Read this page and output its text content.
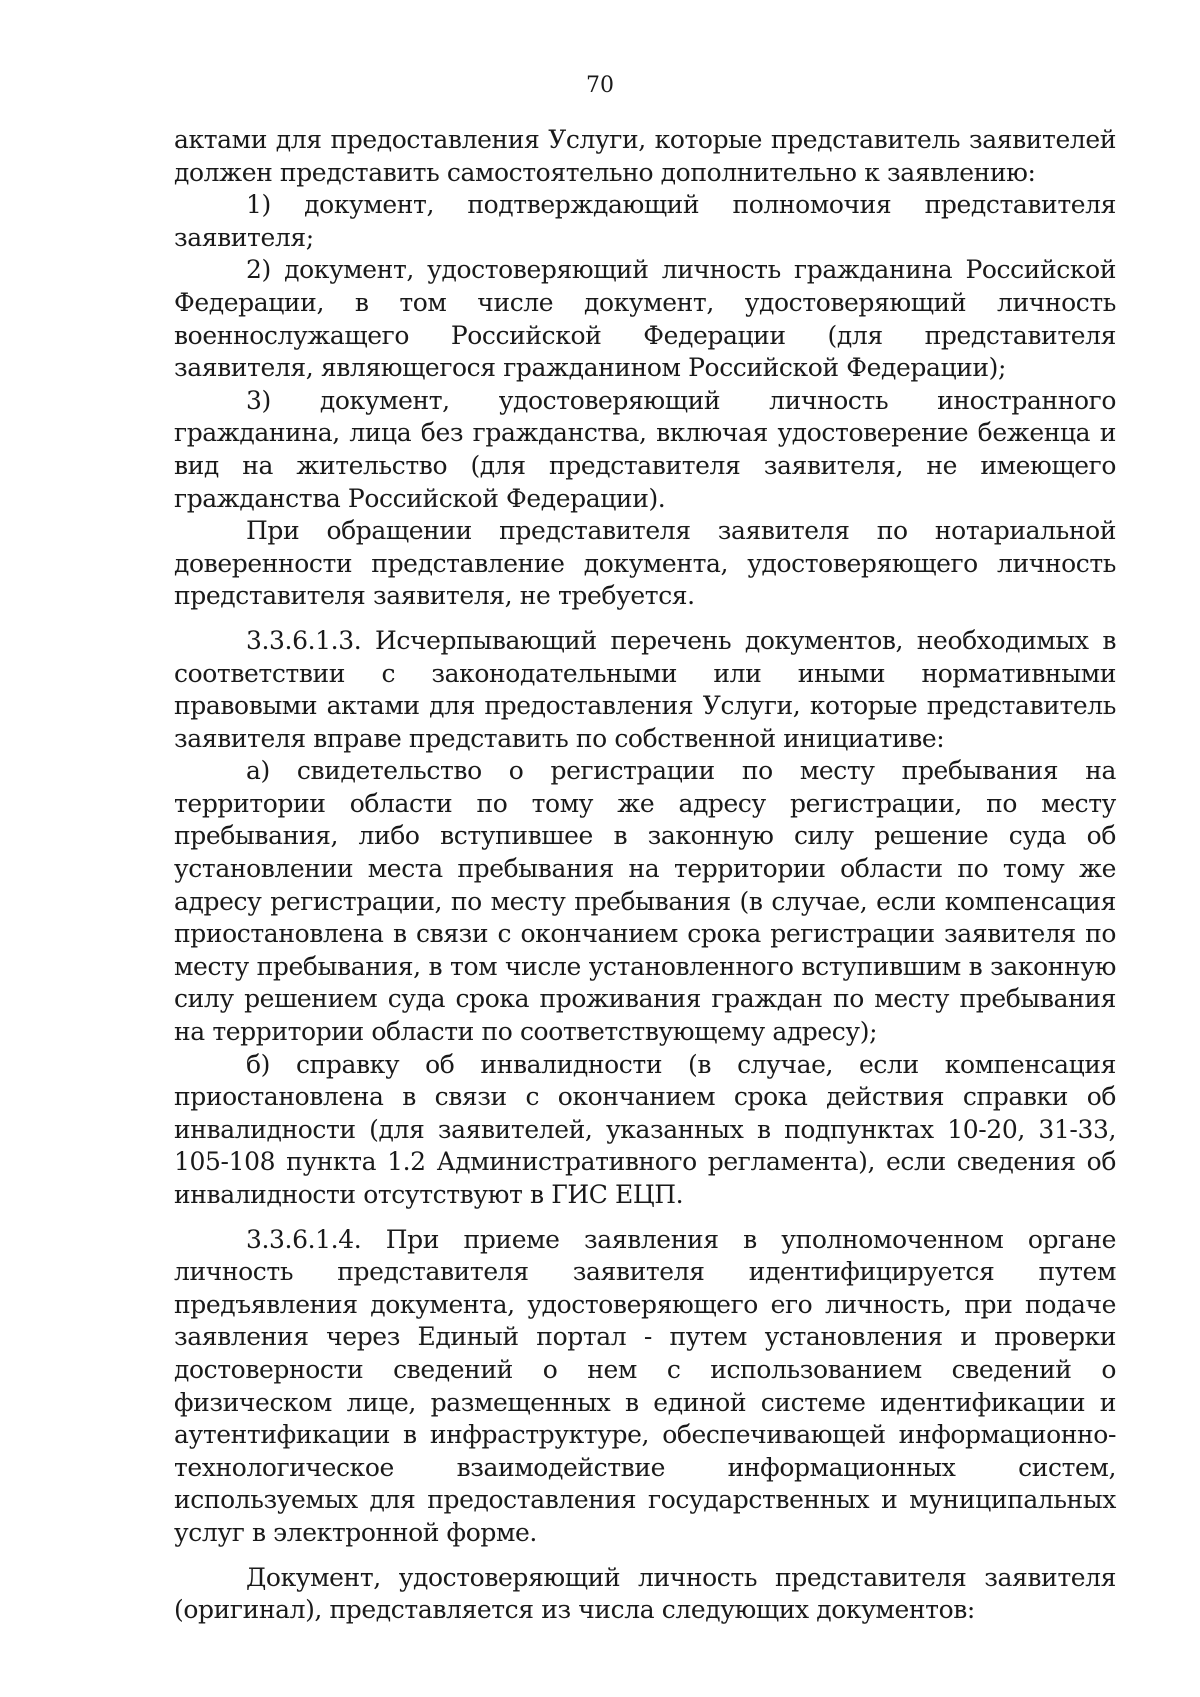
70

актами для предоставления Услуги, которые представитель заявителей должен представить самостоятельно дополнительно к заявлению:

1) документ, подтверждающий полномочия представителя заявителя;

2) документ, удостоверяющий личность гражданина Российской Федерации, в том числе документ, удостоверяющий личность военнослужащего Российской Федерации (для представителя заявителя, являющегося гражданином Российской Федерации);

3) документ, удостоверяющий личность иностранного гражданина, лица без гражданства, включая удостоверение беженца и вид на жительство (для представителя заявителя, не имеющего гражданства Российской Федерации).

При обращении представителя заявителя по нотариальной доверенности представление документа, удостоверяющего личность представителя заявителя, не требуется.

3.3.6.1.3. Исчерпывающий перечень документов, необходимых в соответствии с законодательными или иными нормативными правовыми актами для предоставления Услуги, которые представитель заявителя вправе представить по собственной инициативе:

а) свидетельство о регистрации по месту пребывания на территории области по тому же адресу регистрации, по месту пребывания, либо вступившее в законную силу решение суда об установлении места пребывания на территории области по тому же адресу регистрации, по месту пребывания (в случае, если компенсация приостановлена в связи с окончанием срока регистрации заявителя по месту пребывания, в том числе установленного вступившим в законную силу решением суда срока проживания граждан по месту пребывания на территории области по соответствующему адресу);

б) справку об инвалидности (в случае, если компенсация приостановлена в связи с окончанием срока действия справки об инвалидности (для заявителей, указанных в подпунктах 10-20, 31-33, 105-108 пункта 1.2 Административного регламента), если сведения об инвалидности отсутствуют в ГИС ЕЦП.

3.3.6.1.4. При приеме заявления в уполномоченном органе личность представителя заявителя идентифицируется путем предъявления документа, удостоверяющего его личность, при подаче заявления через Единый портал - путем установления и проверки достоверности сведений о нем с использованием сведений о физическом лице, размещенных в единой системе идентификации и аутентификации в инфраструктуре, обеспечивающей информационно-технологическое взаимодействие информационных систем, используемых для предоставления государственных и муниципальных услуг в электронной форме.

Документ, удостоверяющий личность представителя заявителя (оригинал), представляется из числа следующих документов:
